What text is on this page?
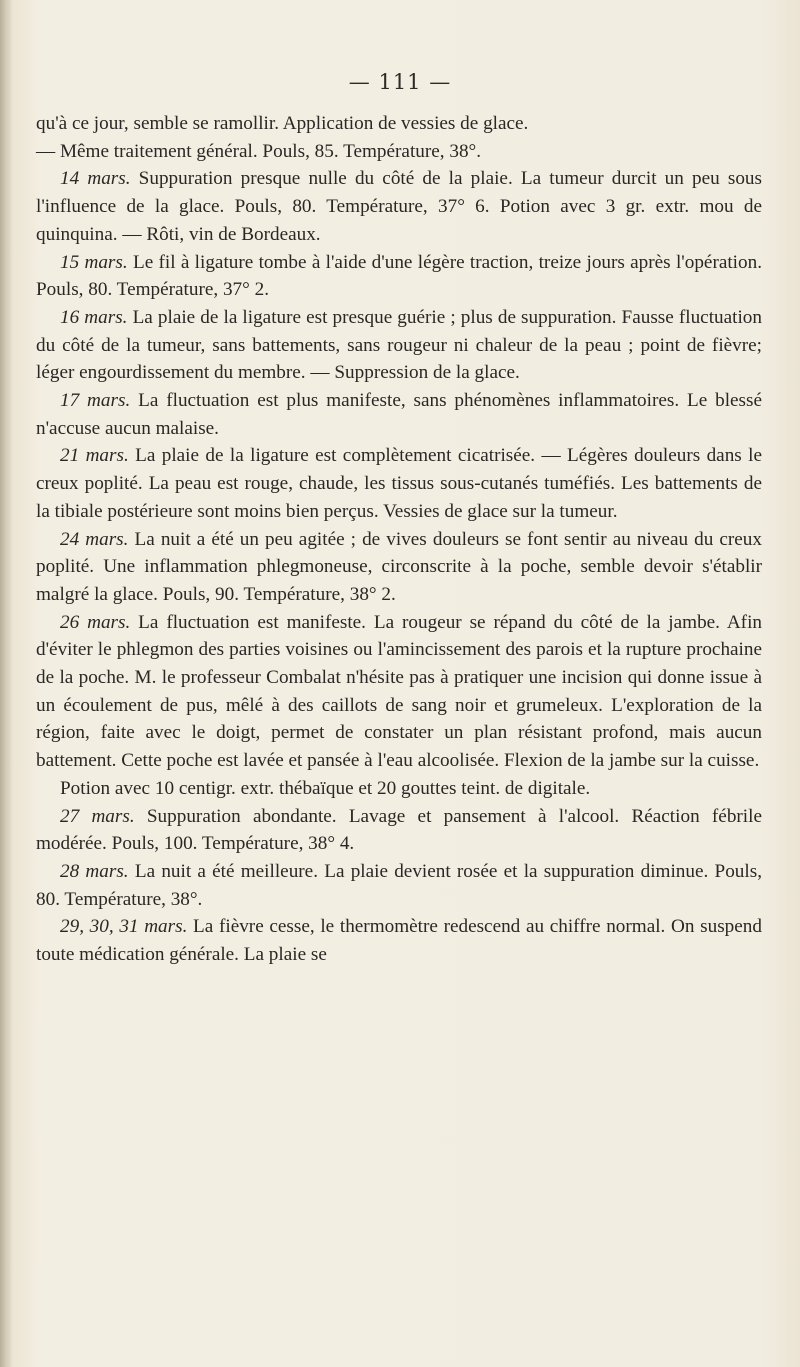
— 111 —

qu'à ce jour, semble se ramollir. Application de vessies de glace.

— Même traitement général. Pouls, 85. Température, 38°.

14 mars. Suppuration presque nulle du côté de la plaie. La tumeur durcit un peu sous l'influence de la glace. Pouls, 80. Température, 37° 6. Potion avec 3 gr. extr. mou de quinquina. — Rôti, vin de Bordeaux.

15 mars. Le fil à ligature tombe à l'aide d'une légère traction, treize jours après l'opération. Pouls, 80. Température, 37° 2.

16 mars. La plaie de la ligature est presque guérie ; plus de suppuration. Fausse fluctuation du côté de la tumeur, sans battements, sans rougeur ni chaleur de la peau ; point de fièvre; léger engourdissement du membre. — Suppression de la glace.

17 mars. La fluctuation est plus manifeste, sans phénomènes inflammatoires. Le blessé n'accuse aucun malaise.

21 mars. La plaie de la ligature est complètement cicatrisée. — Légères douleurs dans le creux poplité. La peau est rouge, chaude, les tissus sous-cutanés tuméfiés. Les battements de la tibiale postérieure sont moins bien perçus. Vessies de glace sur la tumeur.

24 mars. La nuit a été un peu agitée ; de vives douleurs se font sentir au niveau du creux poplité. Une inflammation phlegmoneuse, circonscrite à la poche, semble devoir s'établir malgré la glace. Pouls, 90. Température, 38° 2.

26 mars. La fluctuation est manifeste. La rougeur se répand du côté de la jambe. Afin d'éviter le phlegmon des parties voisines ou l'amincissement des parois et la rupture prochaine de la poche. M. le professeur Combalat n'hésite pas à pratiquer une incision qui donne issue à un écoulement de pus, mêlé à des caillots de sang noir et grumeleux. L'exploration de la région, faite avec le doigt, permet de constater un plan résistant profond, mais aucun battement. Cette poche est lavée et pansée à l'eau alcoolisée. Flexion de la jambe sur la cuisse.

Potion avec 10 centigr. extr. thébaïque et 20 gouttes teint. de digitale.

27 mars. Suppuration abondante. Lavage et pansement à l'alcool. Réaction fébrile modérée. Pouls, 100. Température, 38° 4.

28 mars. La nuit a été meilleure. La plaie devient rosée et la suppuration diminue. Pouls, 80. Température, 38°.

29, 30, 31 mars. La fièvre cesse, le thermomètre redescend au chiffre normal. On suspend toute médication générale. La plaie se
